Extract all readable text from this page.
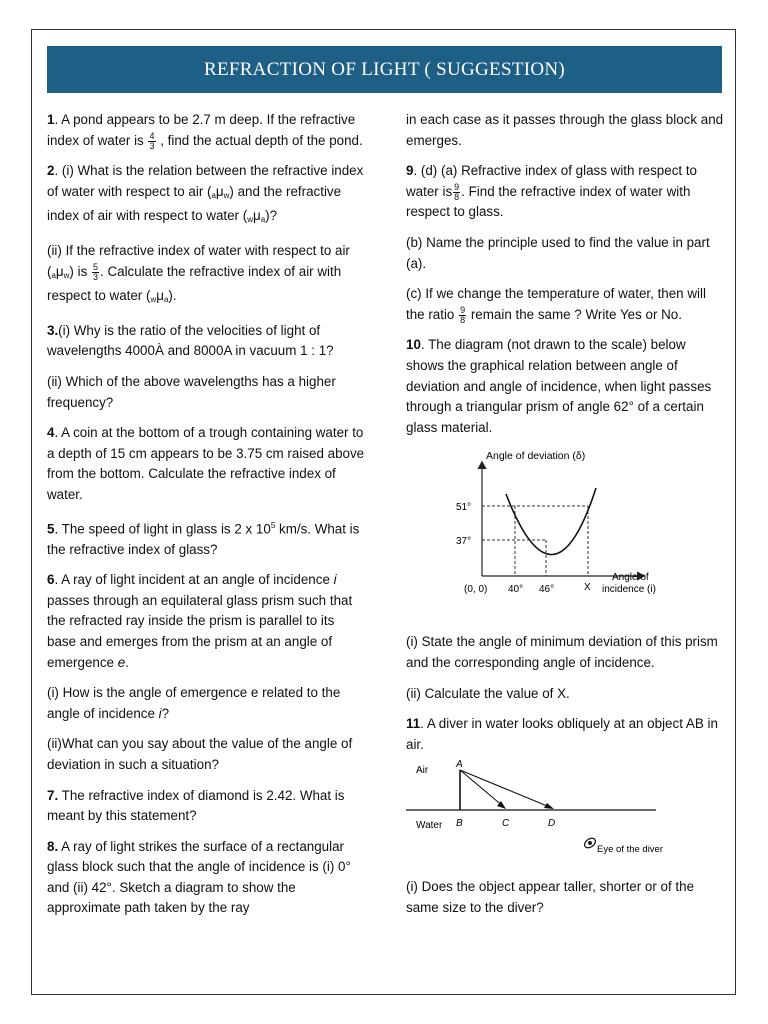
REFRACTION OF LIGHT ( SUGGESTION)

1. A pond appears to be 2.7 m deep. If the refractive index of water is $\frac{4}{3}$ , find the actual depth of the pond.

2. (i) What is the relation between the refractive index of water with respect to air $(_a\mu_w)$ and the refractive index of air with respect to water $(_w\mu_a)$?

(ii) If the refractive index of water with respect to air $(_a\mu_w)$ is $\frac{5}{3}$ . Calculate the refractive index of air with respect to water $(_w\mu_a)$.

3.(i) Why is the ratio of the velocities of light of wavelengths 4000À and 8000A in vacuum 1 : 1?

(ii) Which of the above wavelengths has a higher frequency?

4. A coin at the bottom of a trough containing water to a depth of 15 cm appears to be 3.75 cm raised above from the bottom. Calculate the refractive index of water.

5. The speed of light in glass is 2 x $10^5$ km/s. What is the refractive index of glass?

6. A ray of light incident at an angle of incidence i passes through an equilateral glass prism such that the refracted ray inside the prism is parallel to its base and emerges from the prism at an angle of emergence e.

(i) How is the angle of emergence e related to the angle of incidence i?

(ii)What can you say about the value of the angle of deviation in such a situation?

7. The refractive index of diamond is 2.42. What is meant by this statement?

8. A ray of light strikes the surface of a rectangular glass block such that the angle of incidence is (i) 0° and (ii) 42°. Sketch a diagram to show the approximate path taken by the ray

in each case as it passes through the glass block and emerges.

9. (d) (a) Refractive index of glass with respect to water is $\frac{9}{8}$ . Find the refractive index of water with respect to glass.

(b) Name the principle used to find the value in part (a).

(c) If we change the temperature of water, then will the ratio $\frac{9}{8}$ remain the same ? Write Yes or No.

10. The diagram (not drawn to the scale) below shows the graphical relation between angle of deviation and angle of incidence, when light passes through a triangular prism of angle 62° of a certain glass material.

Angle of deviation (δ)
51°
37°
(0, 0) 40° 46°	X
Angle of
incidence (i)

(i) State the angle of minimum deviation of this prism and the corresponding angle of incidence.

(ii) Calculate the value of X.

11. A diver in water looks obliquely at an object AB in air.

Air
Water
A
B	C	D
Eye of the diver

(i) Does the object appear taller, shorter or of the same size to the diver?
